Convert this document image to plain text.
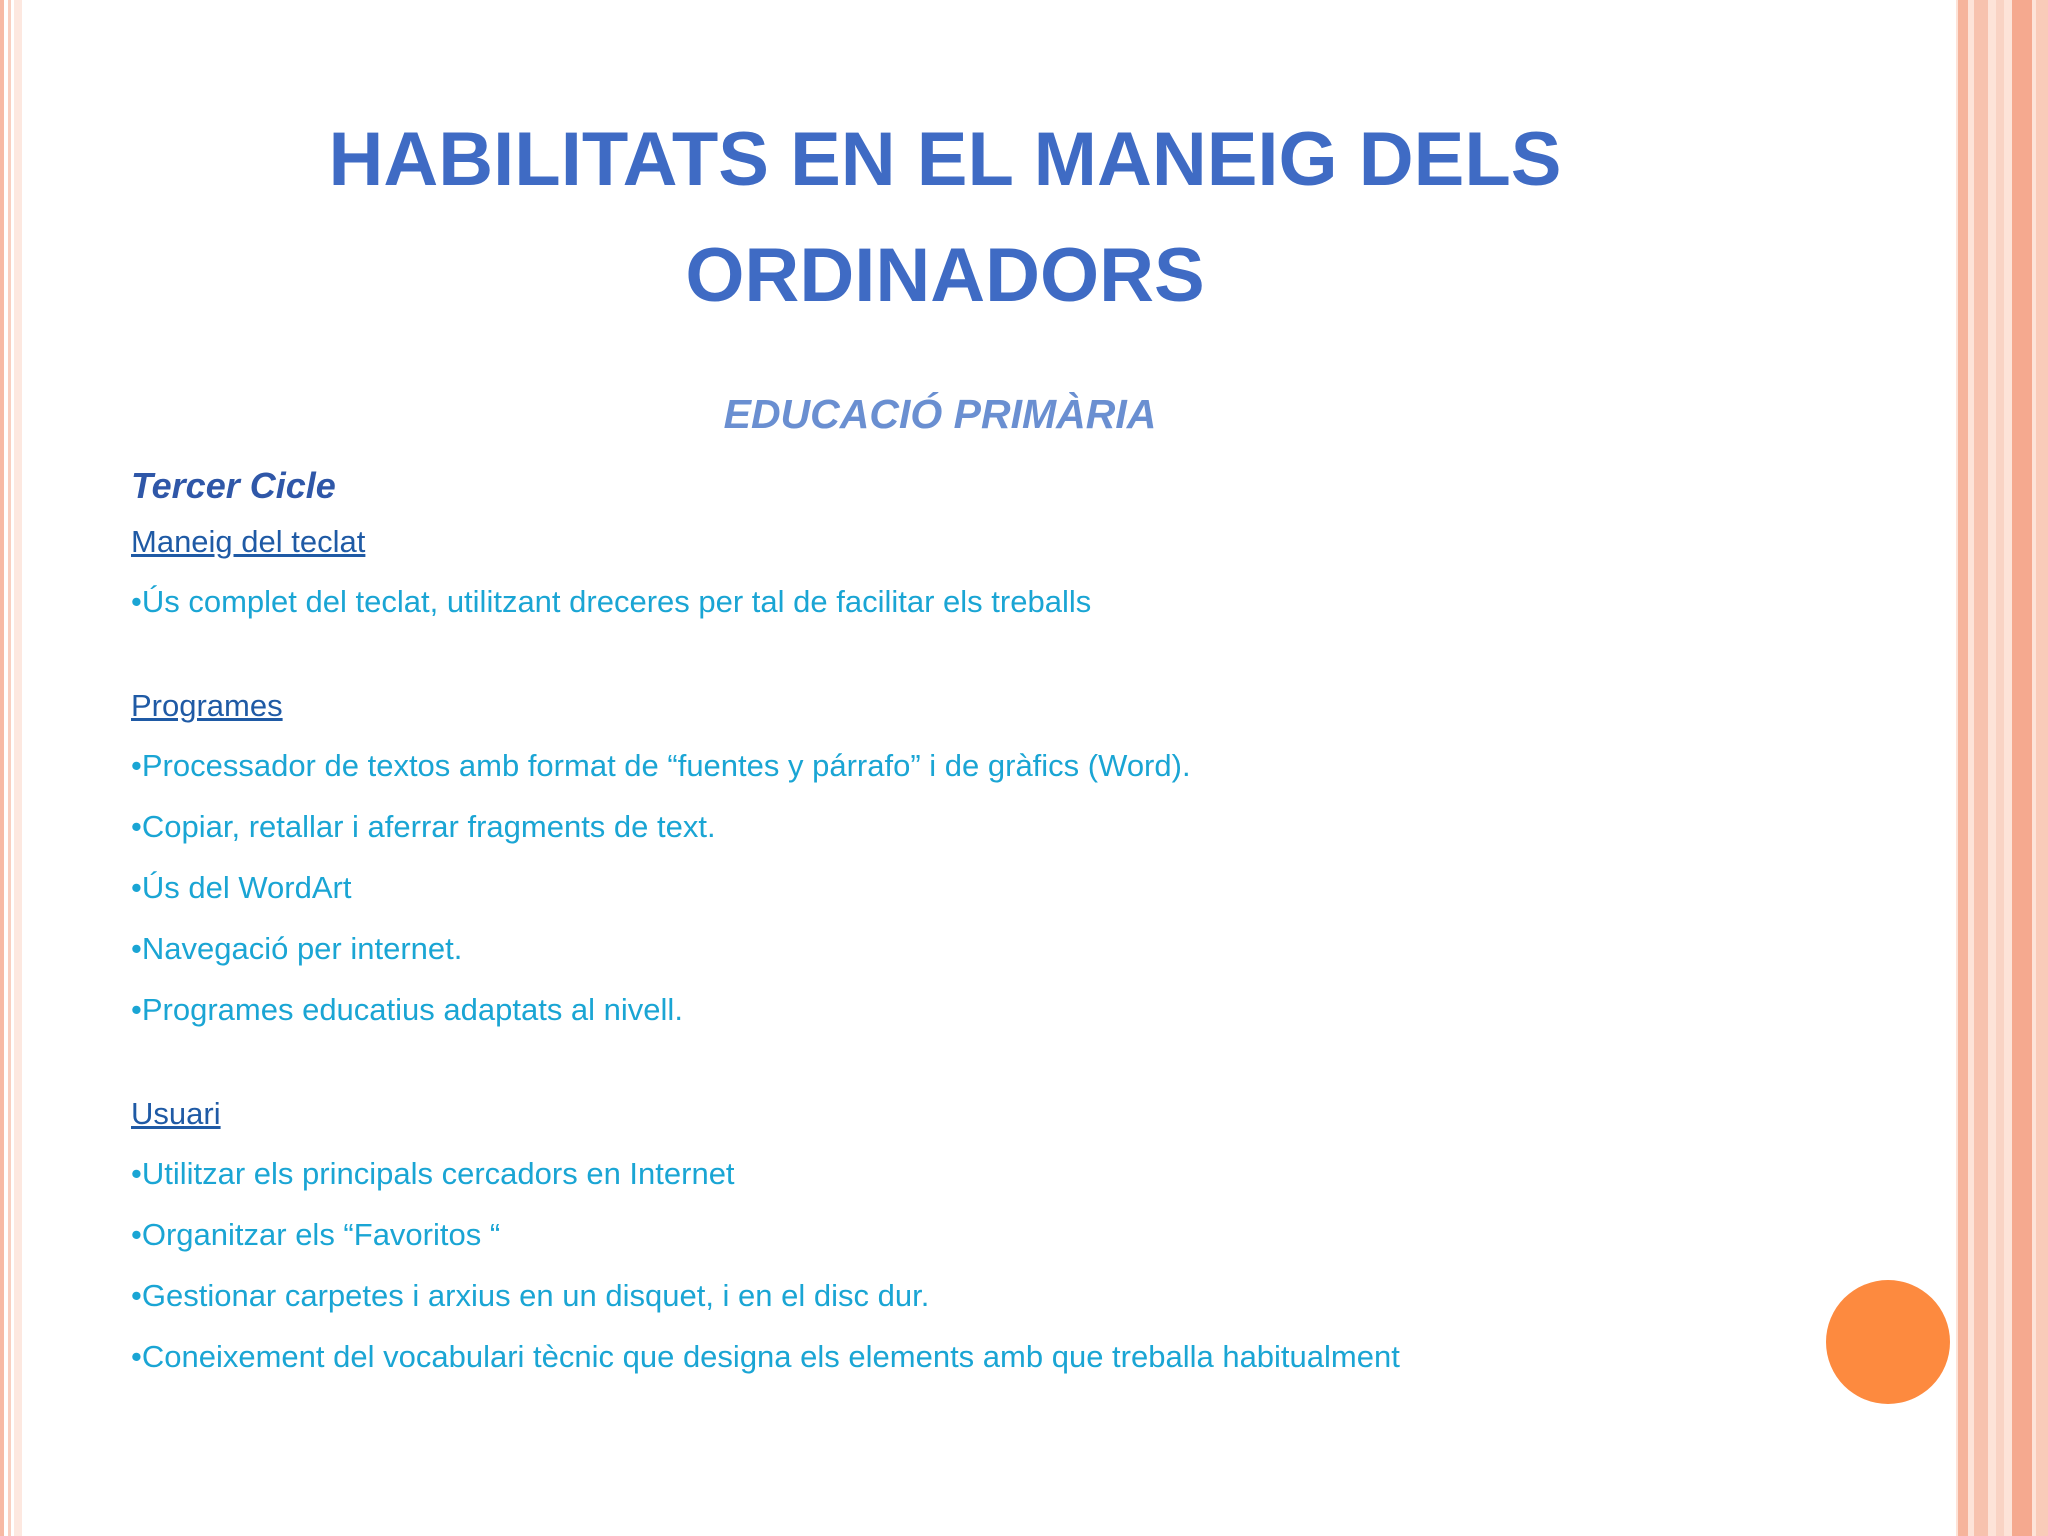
HABILITATS EN EL MANEIG DELS ORDINADORS
EDUCACIÓ PRIMÀRIA

Tercer Cicle

Maneig del teclat

•Ús complet del teclat, utilitzant dreceres per tal de facilitar els treballs

Programes

•Processador de textos amb format de “fuentes y párrafo” i de gràfics (Word).

•Copiar, retallar i aferrar fragments de text.

•Ús del WordArt

•Navegació per internet.

•Programes educatius adaptats al nivell.

Usuari

•Utilitzar els principals cercadors en Internet

•Organitzar els “Favoritos “

•Gestionar carpetes i arxius en un disquet, i en el disc dur.

•Coneixement del vocabulari tècnic que designa els elements amb que treballa habitualment
